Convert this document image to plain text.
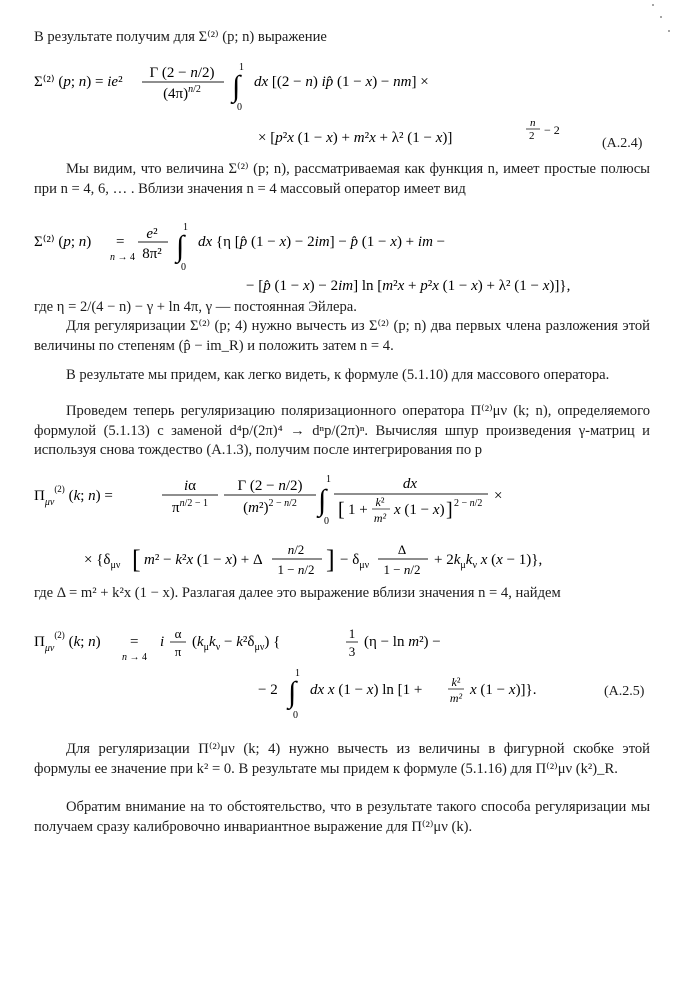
В результате получим для Σ⁽²⁾ (p; n) выражение

Σ⁽²⁾ (p; n) = ie²
Γ (2 − n/2)
$(4\pi)^n/2$ ∫
1
0
dx [(2 − n) ip̂ (1 − x) − nm] ×
× [p²x (1 − x) + m²x + λ² (1 − x)]
n
2 − 2
(А.2.4)

Мы видим, что величина Σ⁽²⁾ (p; n), рассматриваемая как функция n, имеет простые полюсы при n = 4, 6, … . Вблизи значения n = 4 массовый оператор имеет вид

Σ⁽²⁾ (p; n) =
n → 4
e²
8π² ∫
1
0
dx {η [p̂ (1 − x) − 2im] − p̂ (1 − x) + im −
− [p̂ (1 − x) − 2im] ln [m²x + p²x (1 − x) + λ² (1 − x)]},

где η = 2/(4 − n) − γ + ln 4π, γ — постоянная Эйлера.

Для регуляризации Σ⁽²⁾ (p; 4) нужно вычесть из Σ⁽²⁾ (p; n) два первых члена разложения этой величины по степеням (p̂ − im_R) и положить затем n = 4.

В результате мы придем, как легко видеть, к формуле (5.1.10) для массового оператора.

Проведем теперь регуляризацию поляризационного оператора Π⁽²⁾μν (k; n), определяемого формулой (5.1.13) с заменой d⁴p/(2π)⁴ → dⁿp/(2π)ⁿ. Вычисляя шпур произведения γ-матриц и используя снова тождество (А.1.3), получим после интегрирования по p

$\Pi_{\mu\nu}^{(2)}$ (k; n) =
iα
$\pi^{n/2 - 1}$
Γ (2 − n/2)
$(m^2)^{2 - n/2}$ ∫
1
0
dx
[ 1 + k²
m² x (1 − x) ] 2 − n/2 ×
× {$\delta_{\mu\nu}$ [ m² − k²x (1 − x) + Δ
n/2
1 − n/2 ] − $\delta_{\mu\nu}$
Δ
1 − n/2
+ $2k_\mu k_\nu$ x (x − 1)},

где Δ = m² + k²x (1 − x). Разлагая далее это выражение вблизи значения n = 4, найдем

$\Pi_{\mu\nu}^{(2)}$ (k; n) =
n → 4
i
α
π
$(k_\mu k_\nu - k^2\delta_{\mu\nu})$ {
1
3
(η − ln m²) −
− 2 ∫
1
0
dx x (1 − x) ln [1 + k²
m² x (1 − x)]}.	(А.2.5)

Для регуляризации Π⁽²⁾μν (k; 4) нужно вычесть из величины в фигурной скобке этой формулы ее значение при k² = 0. В результате мы придем к формуле (5.1.16) для Π⁽²⁾μν (k²)_R.

Обратим внимание на то обстоятельство, что в результате такого способа регуляризации мы получаем сразу калибровочно инвариантное выражение для Π⁽²⁾μν (k).
